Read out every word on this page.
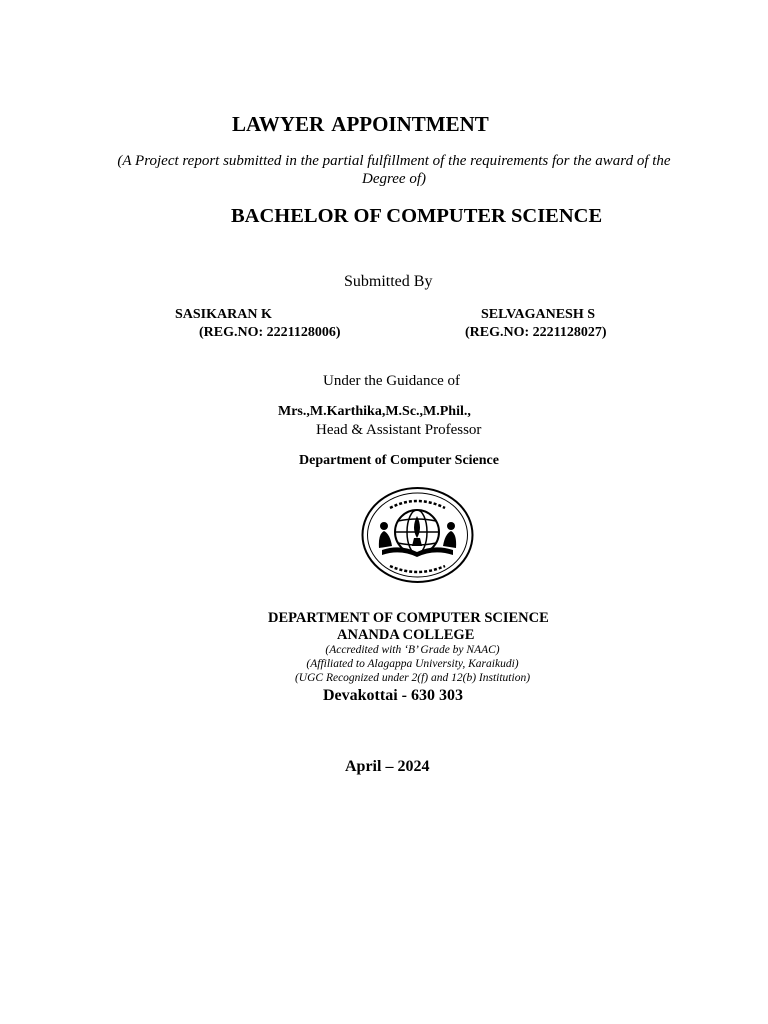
LAWYER APPOINTMENT
(A Project report submitted in the partial fulfillment of the requirements for the award of the Degree of)
BACHELOR OF COMPUTER SCIENCE
Submitted By
SASIKARAN K
(REG.NO: 2221128006)
SELVAGANESH S
(REG.NO: 2221128027)
Under the Guidance of
Mrs.,M.Karthika,M.Sc.,M.Phil.,
Head & Assistant Professor
Department of Computer Science
DEPARTMENT OF COMPUTER SCIENCE
ANANDA COLLEGE
(Accredited with ‘B’ Grade by NAAC)
(Affiliated to Alagappa University, Karaikudi)
(UGC Recognized under 2(f) and 12(b) Institution)
Devakottai - 630 303
April – 2024
